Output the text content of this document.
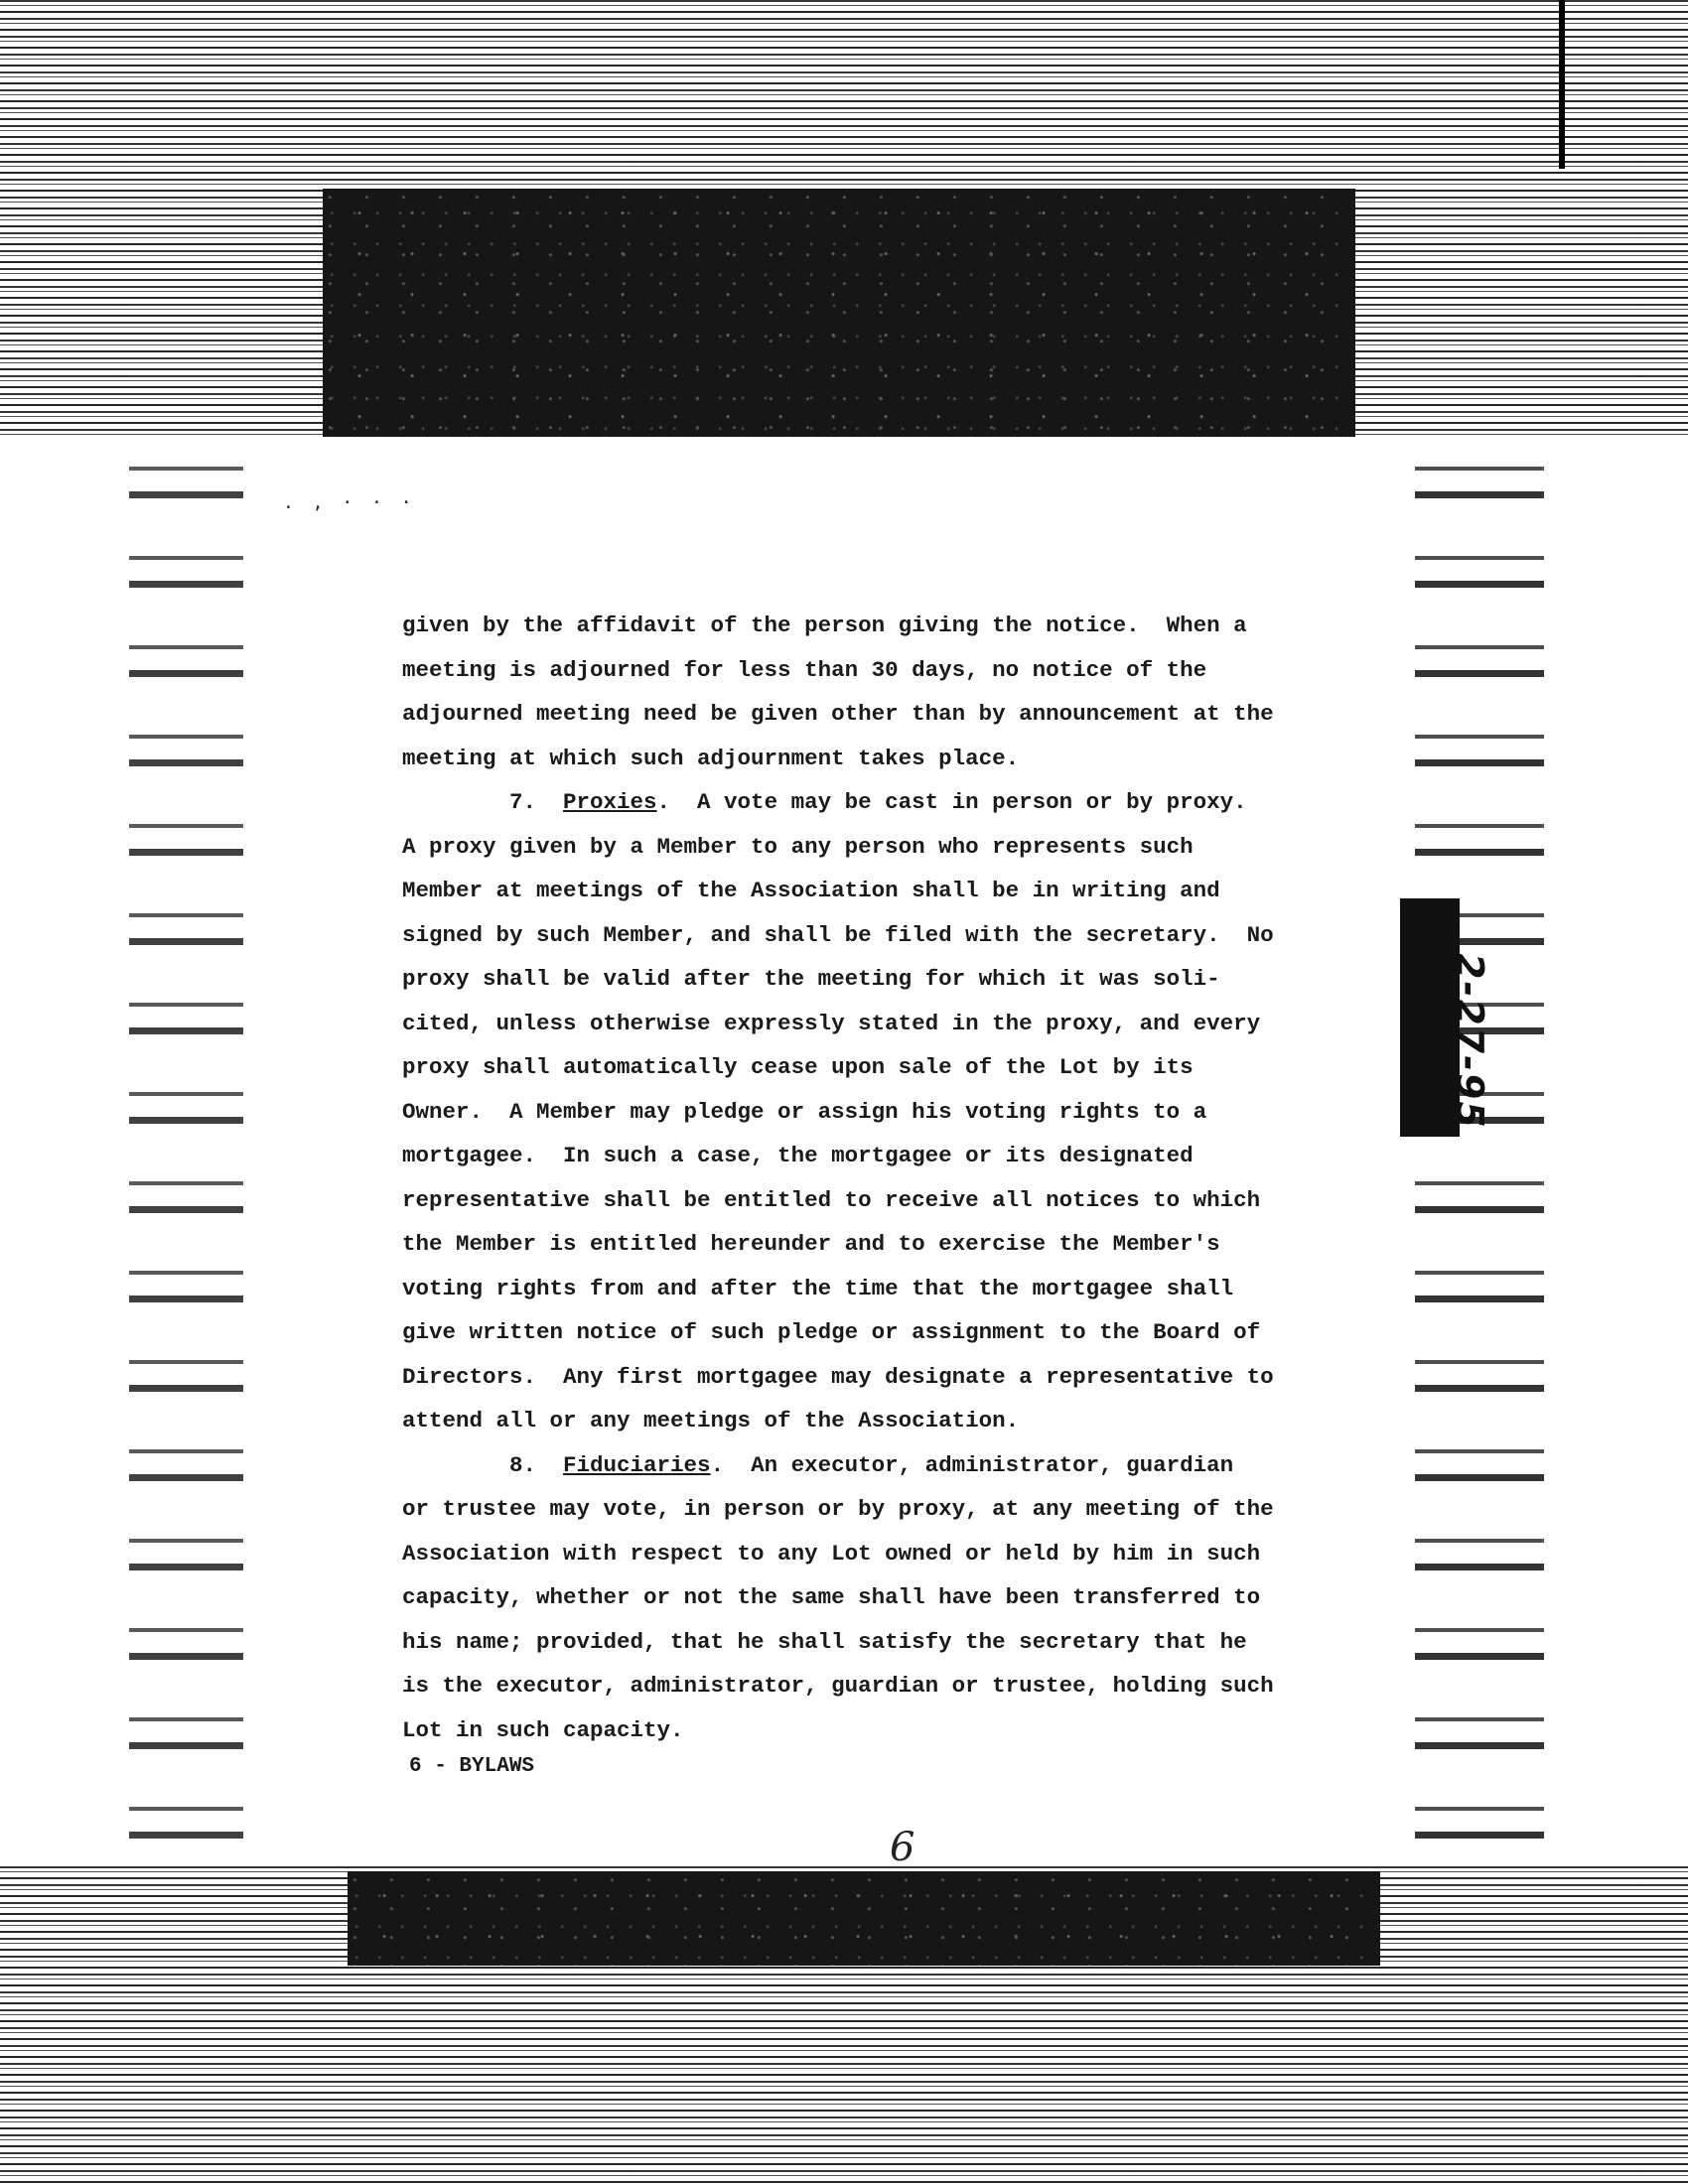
. , · · ·
given by the affidavit of the person giving the notice.  When a
meeting is adjourned for less than 30 days, no notice of the
adjourned meeting need be given other than by announcement at the
meeting at which such adjournment takes place.
7.  Proxies.  A vote may be cast in person or by proxy.
A proxy given by a Member to any person who represents such
Member at meetings of the Association shall be in writing and
signed by such Member, and shall be filed with the secretary.  No
proxy shall be valid after the meeting for which it was soli-
cited, unless otherwise expressly stated in the proxy, and every
proxy shall automatically cease upon sale of the Lot by its
Owner.  A Member may pledge or assign his voting rights to a
mortgagee.  In such a case, the mortgagee or its designated
representative shall be entitled to receive all notices to which
the Member is entitled hereunder and to exercise the Member's
voting rights from and after the time that the mortgagee shall
give written notice of such pledge or assignment to the Board of
Directors.  Any first mortgagee may designate a representative to
attend all or any meetings of the Association.
8.  Fiduciaries.  An executor, administrator, guardian
or trustee may vote, in person or by proxy, at any meeting of the
Association with respect to any Lot owned or held by him in such
capacity, whether or not the same shall have been transferred to
his name; provided, that he shall satisfy the secretary that he
is the executor, administrator, guardian or trustee, holding such
Lot in such capacity.
6 - BYLAWS
6
2-27-95
